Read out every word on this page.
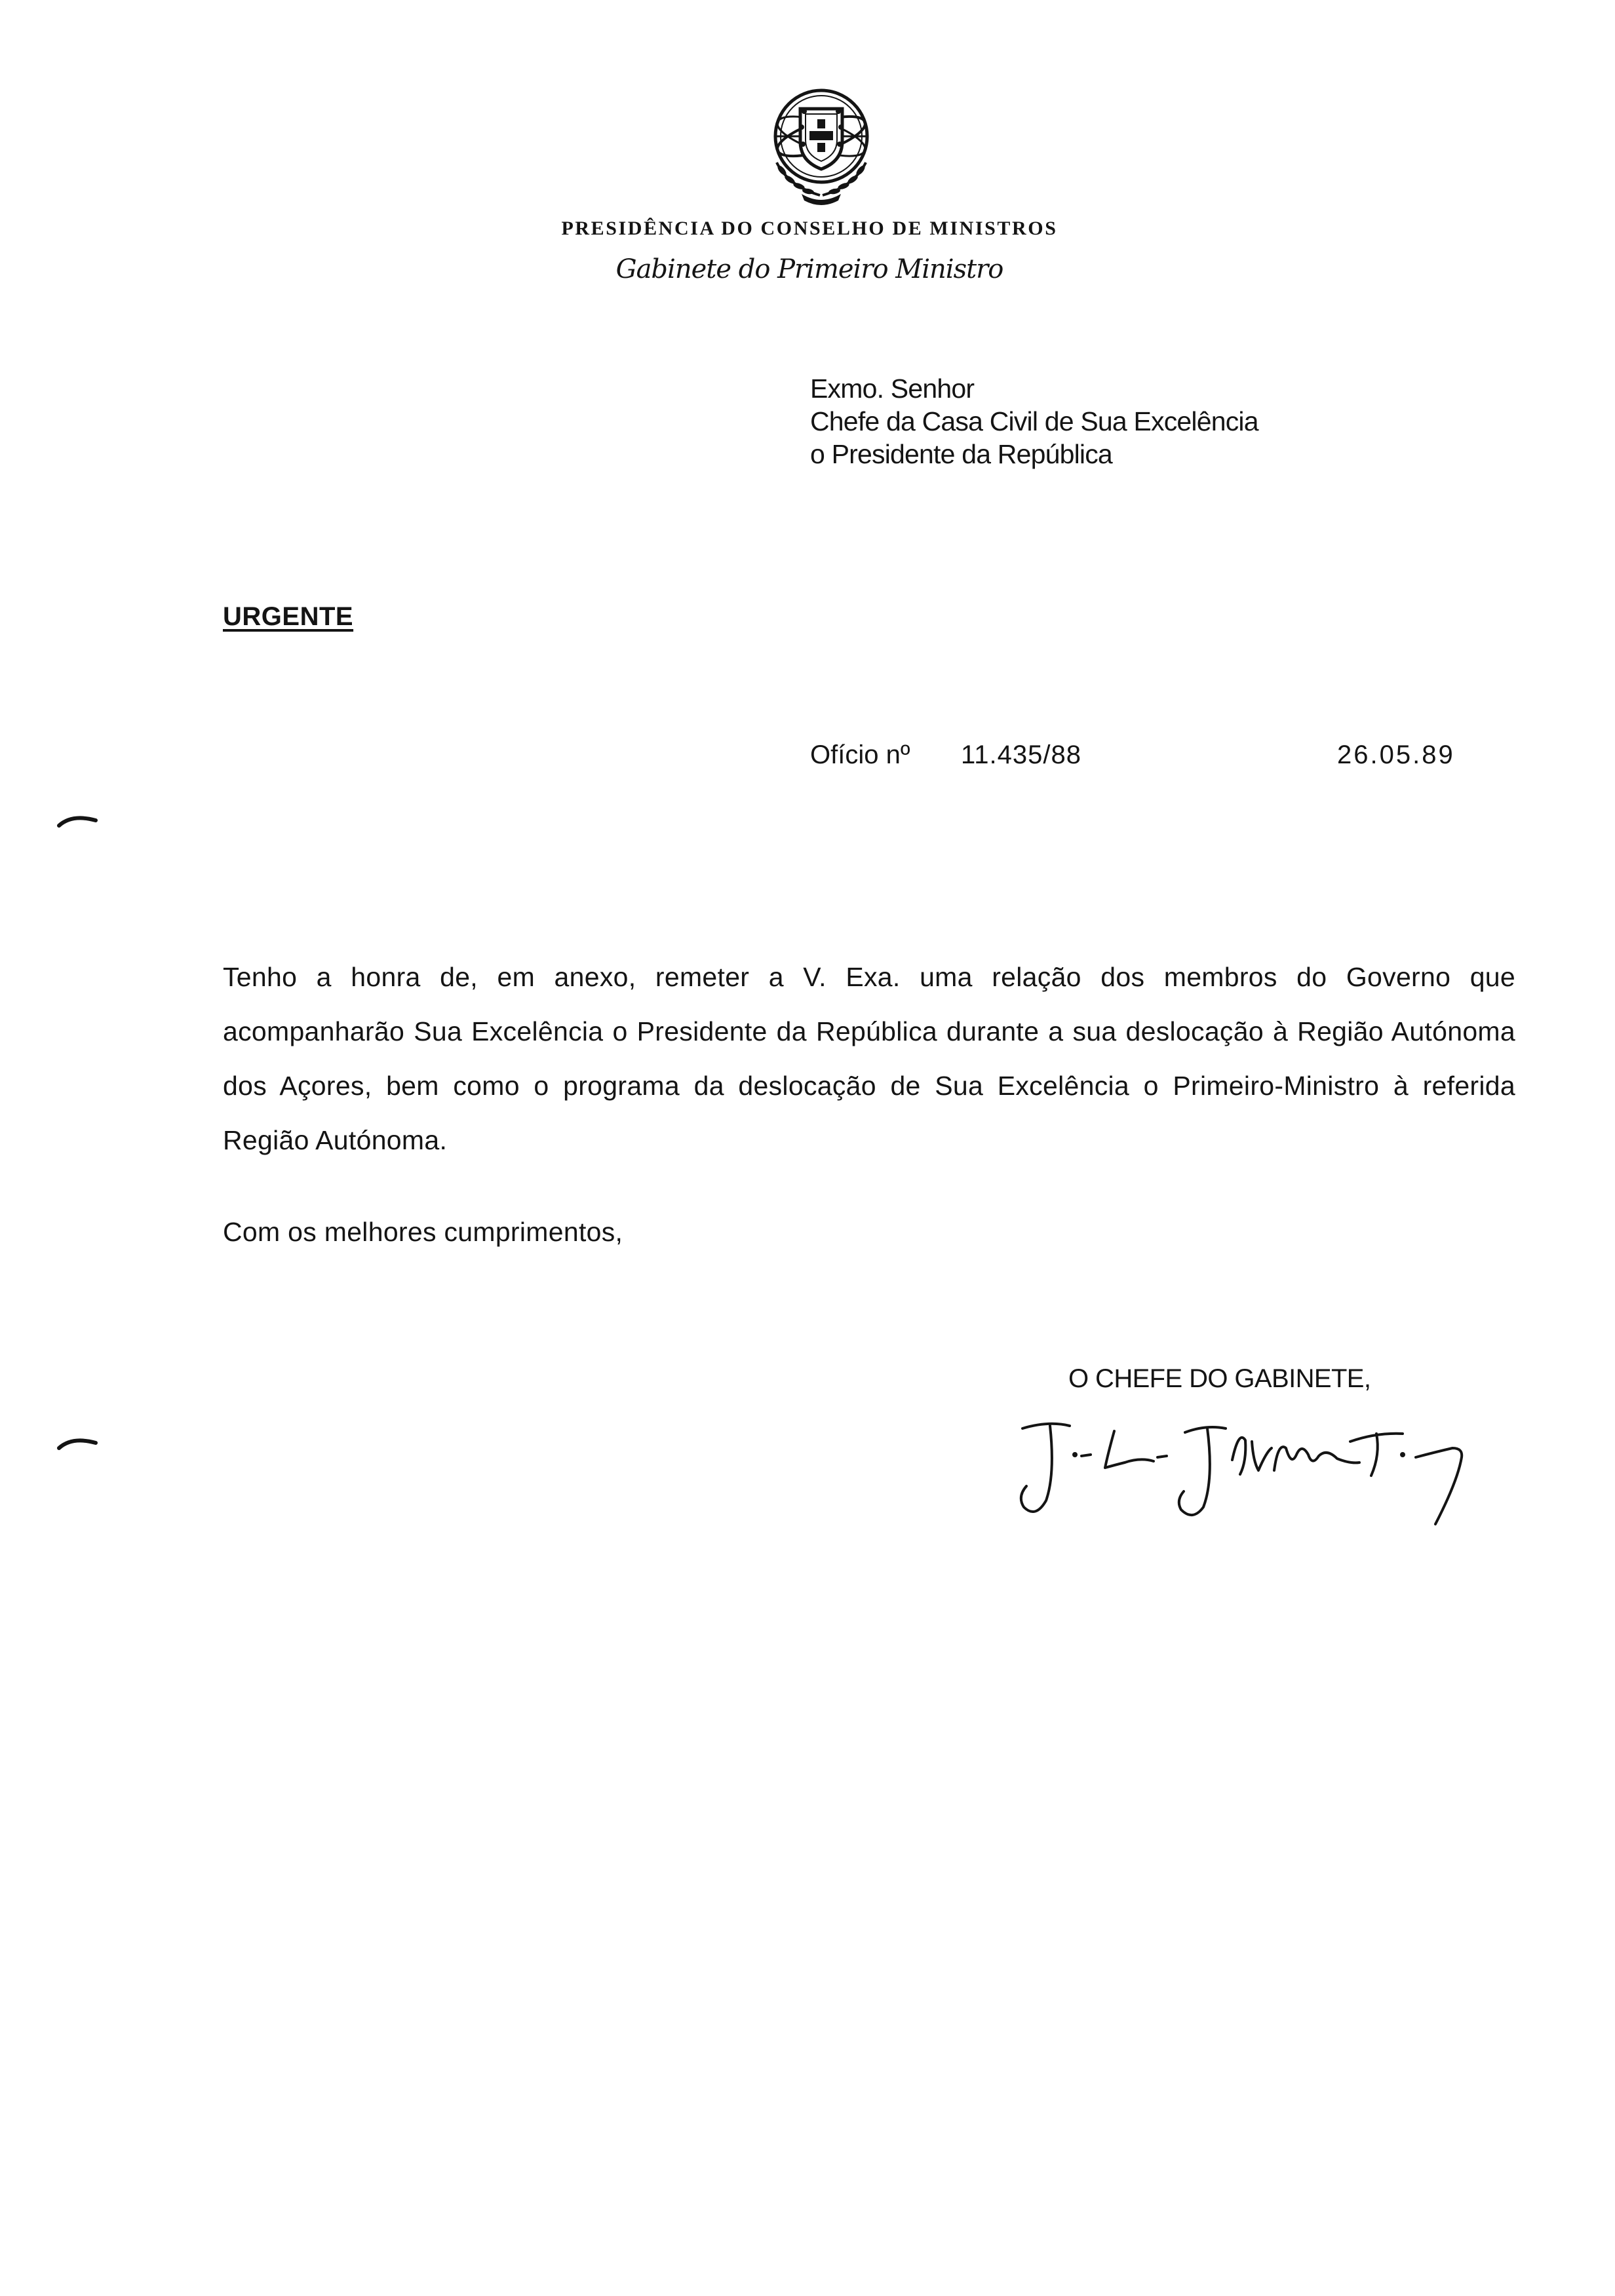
PRESIDÊNCIA DO CONSELHO DE MINISTROS
Gabinete do Primeiro Ministro
Exmo. Senhor
Chefe da Casa Civil de Sua Excelência
o Presidente da República
URGENTE
Ofício nº 11.435/88	26.05.89
Tenho a honra de, em anexo, remeter a V. Exa. uma relação dos membros do Governo que acompanharão Sua Excelência o Presidente da República durante a sua deslocação à Região Autónoma dos Açores, bem como o programa da deslocação de Sua Excelência o Primeiro-Ministro à referida Região Autónoma.
Com os melhores cumprimentos,
O CHEFE DO GABINETE,
